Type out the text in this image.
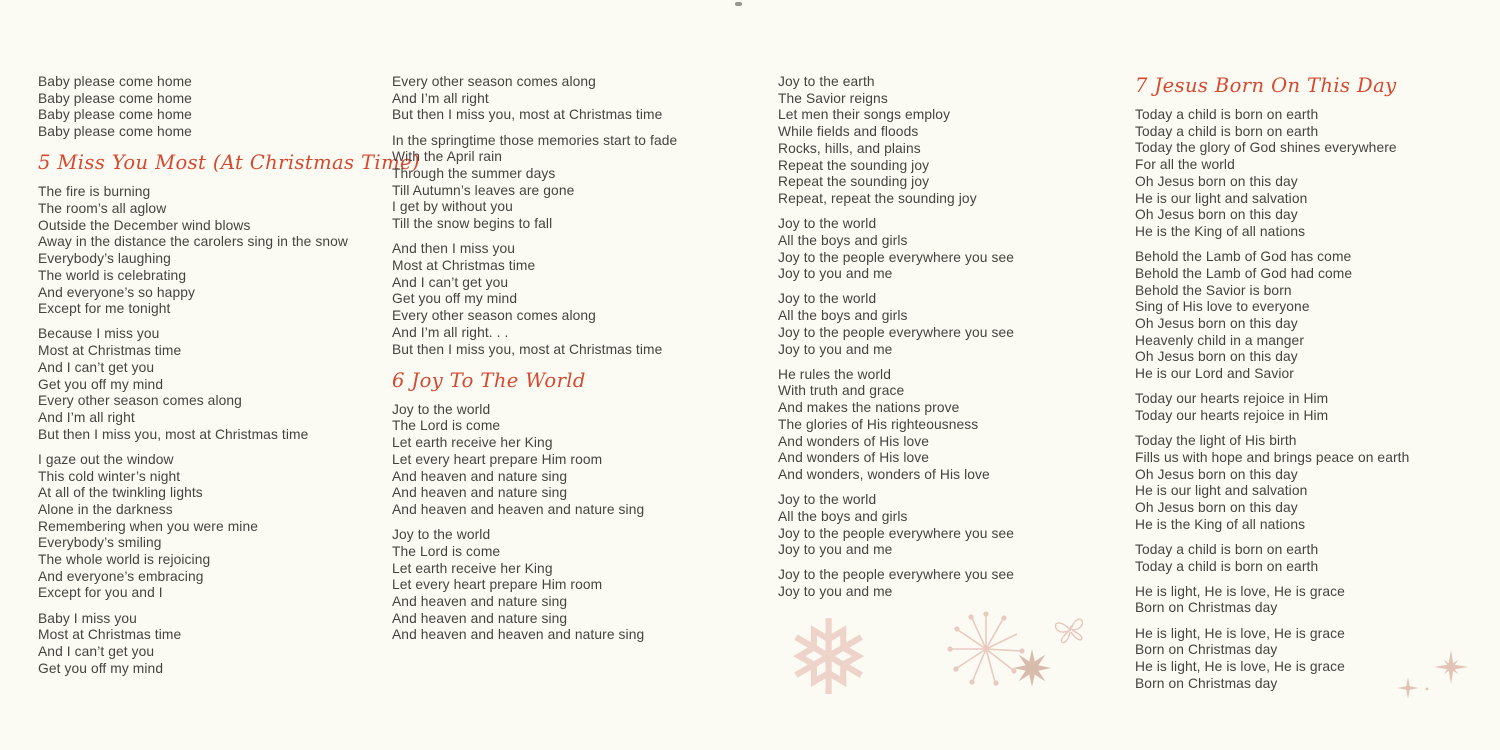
Baby please come home
Baby please come home
Baby please come home
Baby please come home
5 Miss You Most (At Christmas Time)
The fire is burning
The room’s all aglow
Outside the December wind blows
Away in the distance the carolers sing in the snow
Everybody’s laughing
The world is celebrating
And everyone’s so happy
Except for me tonight
Because I miss you
Most at Christmas time
And I can’t get you
Get you off my mind
Every other season comes along
And I’m all right
But then I miss you, most at Christmas time
I gaze out the window
This cold winter’s night
At all of the twinkling lights
Alone in the darkness
Remembering when you were mine
Everybody’s smiling
The whole world is rejoicing
And everyone’s embracing
Except for you and I
Baby I miss you
Most at Christmas time
And I can’t get you
Get you off my mind
Every other season comes along
And I’m all right
But then I miss you, most at Christmas time
In the springtime those memories start to fade
With the April rain
Through the summer days
Till Autumn’s leaves are gone
I get by without you
Till the snow begins to fall
And then I miss you
Most at Christmas time
And I can’t get you
Get you off my mind
Every other season comes along
And I’m all right. . .
But then I miss you, most at Christmas time
6 Joy To The World
Joy to the world
The Lord is come
Let earth receive her King
Let every heart prepare Him room
And heaven and nature sing
And heaven and nature sing
And heaven and heaven and nature sing
Joy to the world
The Lord is come
Let earth receive her King
Let every heart prepare Him room
And heaven and nature sing
And heaven and nature sing
And heaven and heaven and nature sing
Joy to the earth
The Savior reigns
Let men their songs employ
While fields and floods
Rocks, hills, and plains
Repeat the sounding joy
Repeat the sounding joy
Repeat, repeat the sounding joy
Joy to the world
All the boys and girls
Joy to the people everywhere you see
Joy to you and me
Joy to the world
All the boys and girls
Joy to the people everywhere you see
Joy to you and me
He rules the world
With truth and grace
And makes the nations prove
The glories of His righteousness
And wonders of His love
And wonders of His love
And wonders, wonders of His love
Joy to the world
All the boys and girls
Joy to the people everywhere you see
Joy to you and me
Joy to the people everywhere you see
Joy to you and me
7 Jesus Born On This Day
Today a child is born on earth
Today a child is born on earth
Today the glory of God shines everywhere
For all the world
Oh Jesus born on this day
He is our light and salvation
Oh Jesus born on this day
He is the King of all nations
Behold the Lamb of God has come
Behold the Lamb of God had come
Behold the Savior is born
Sing of His love to everyone
Oh Jesus born on this day
Heavenly child in a manger
Oh Jesus born on this day
He is our Lord and Savior
Today our hearts rejoice in Him
Today our hearts rejoice in Him
Today the light of His birth
Fills us with hope and brings peace on earth
Oh Jesus born on this day
He is our light and salvation
Oh Jesus born on this day
He is the King of all nations
Today a child is born on earth
Today a child is born on earth
He is light, He is love, He is grace
Born on Christmas day
He is light, He is love, He is grace
Born on Christmas day
He is light, He is love, He is grace
Born on Christmas day
❅
